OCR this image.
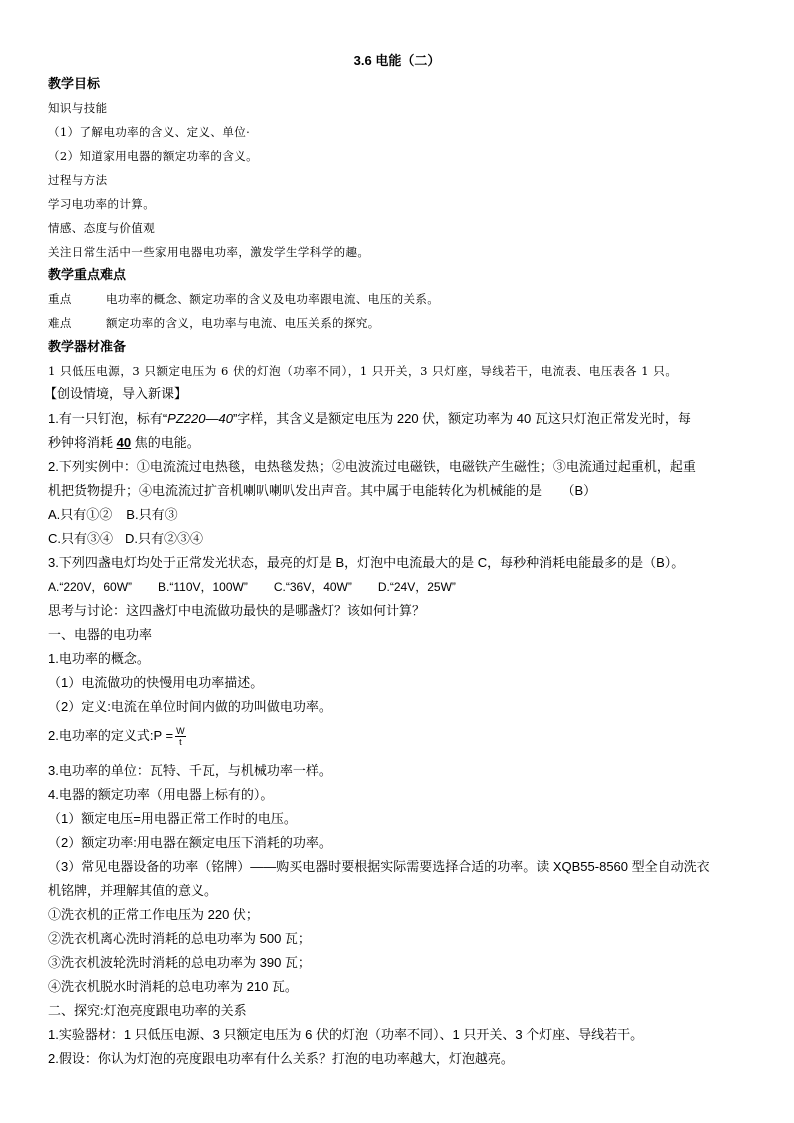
3.6 电能（二）
教学目标
知识与技能
（1）了解电功率的含义、定义、单位·
（2）知道家用电器的额定功率的含义。
过程与方法
学习电功率的计算。
情感、态度与价值观
关注日常生活中一些家用电器电功率，激发学生学科学的趣。
教学重点难点
重点	电功率的概念、额定功率的含义及电功率跟电流、电压的关系。
难点	额定功率的含义，电功率与电流、电压关系的探究。
教学器材准备
1 只低压电源，3 只额定电压为 6 伏的灯泡（功率不同），1 只开关，3 只灯座，导线若干，电流表、电压表各 1 只。
【创设情境，导入新课】
1.有一只钉泡，标有“PZ220—40”字样，其含义是额定电压为 220 伏，额定功率为 40 瓦这只灯泡正常发光时，每
秒钟将消耗 40 焦的电能。
2.下列实例中：①电流流过电热毯，电热毯发热；②电波流过电磁铁，电磁铁产生磁性；③电流通过起重机，起重
机把货物提升；④电流流过扩音机喇叭喇叭发出声音。其中属于电能转化为机械能的是　　（B）
A.只有①② B.只有③
C.只有③④ D.只有②③④
3.下列四盏电灯均处于正常发光状态，最亮的灯是 B，灯泡中电流最大的是 C，每秒种消耗电能最多的是（B）。
A.“220V，60W” B.“110V，100W” C.“36V，40W” D.“24V，25W”
思考与讨论：这四盏灯中电流做功最快的是哪盏灯？该如何计算？
一、电器的电功率
1.电功率的概念。
（1）电流做功的快慢用电功率描述。
（2）定义:电流在单位时间内做的功叫做电功率。
2.电功率的定义式:P = $\frac{W}{t}$
3.电功率的单位：瓦特、千瓦，与机械功率一样。
4.电器的额定功率（用电器上标有的）。
（1）额定电压=用电器正常工作时的电压。
（2）额定功率:用电器在额定电压下消耗的功率。
（3）常见电器设备的功率（铭牌）——购买电器时要根据实际需要选择合适的功率。读 XQB55-8560 型全自动洗衣
机铭牌，并理解其值的意义。
①洗衣机的正常工作电压为 220 伏；
②洗衣机离心洗时消耗的总电功率为 500 瓦；
③洗衣机波轮洗时消耗的总电功率为 390 瓦；
④洗衣机脱水时消耗的总电功率为 210 瓦。
二、探究:灯泡亮度跟电功率的关系
1.实验器材：1 只低压电源、3 只额定电压为 6 伏的灯泡（功率不同）、1 只开关、3 个灯座、导线若干。
2.假设：你认为灯泡的亮度跟电功率有什么关系？打泡的电功率越大，灯泡越亮。
